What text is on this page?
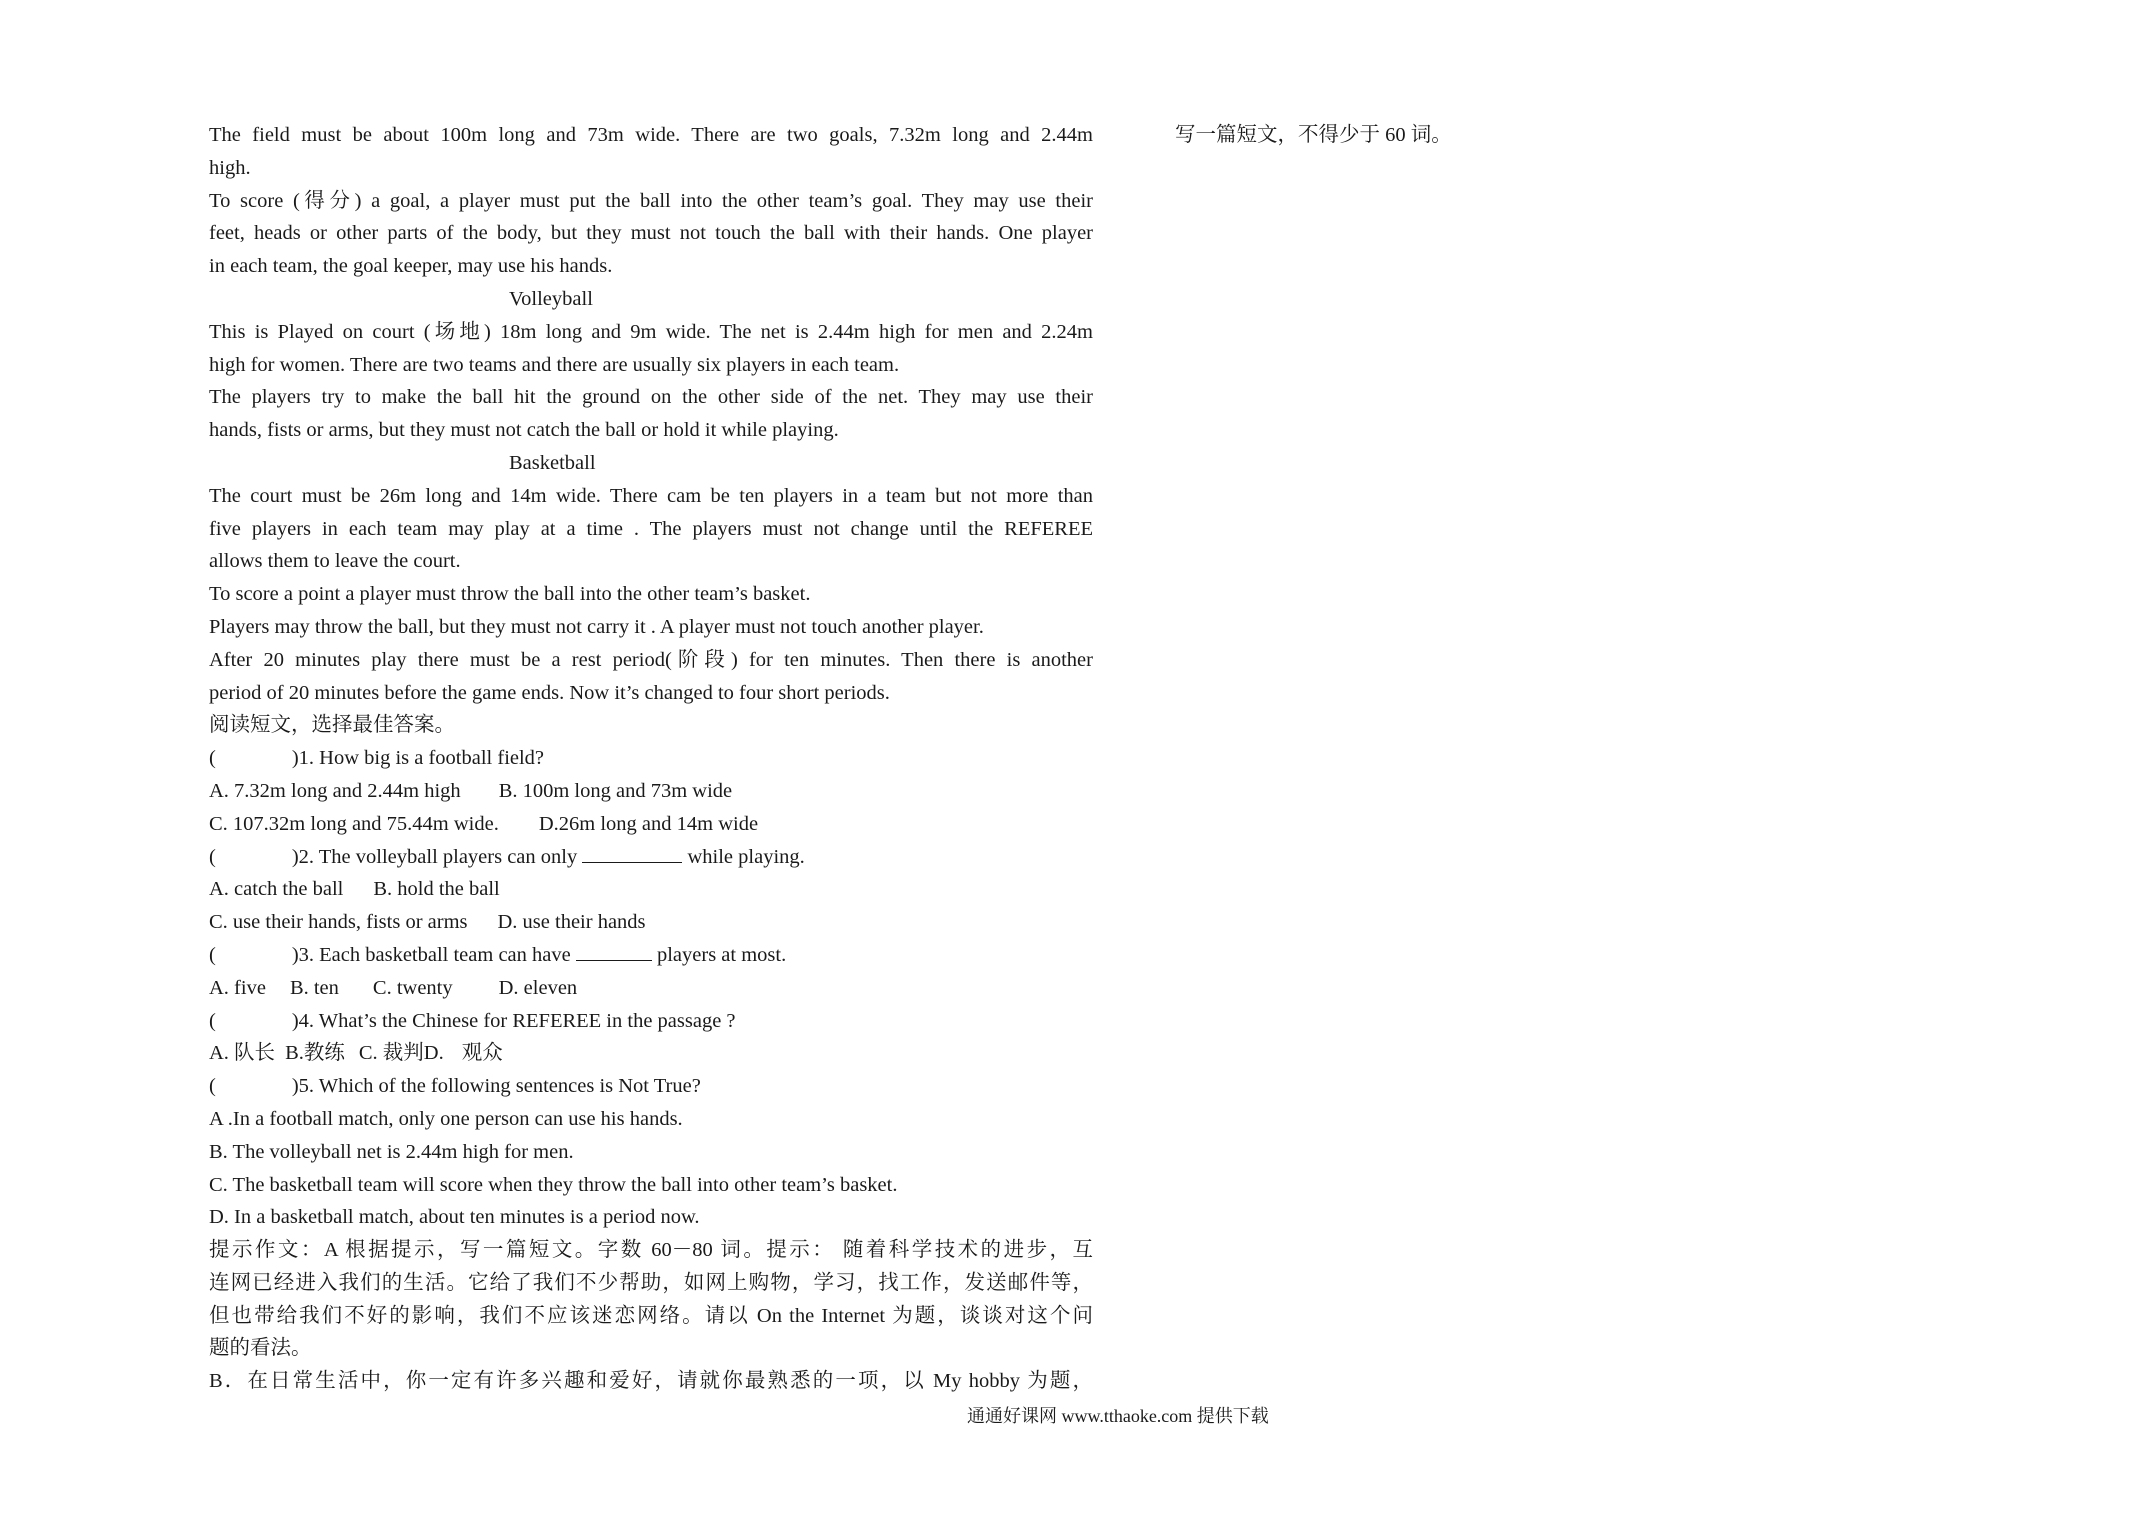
The field must be about 100m long and 73m wide. There are two goals, 7.32m long and 2.44m
high.
To score (得分) a goal, a player must put the ball into the other team’s goal. They may use their
feet, heads or other parts of the body, but they must not touch the ball with their hands. One player
in each team, the goal keeper, may use his hands.
Volleyball
This is Played on court (场地) 18m long and 9m wide. The net is 2.44m high for men and 2.24m
high for women. There are two teams and there are usually six players in each team.
The players try to make the ball hit the ground on the other side of the net. They may use their
hands, fists or arms, but they must not catch the ball or hold it while playing.
Basketball
The court must be 26m long and 14m wide. There cam be ten players in a team but not more than
five players in each team may play at a time . The players must not change until the REFEREE
allows them to leave the court.
To score a point a player must throw the ball into the other team’s basket.
Players may throw the ball, but they must not carry it . A player must not touch another player.
After 20 minutes play there must be a rest period(阶段) for ten minutes. Then there is another
period of 20 minutes before the game ends. Now it’s changed to four short periods.
阅读短文，选择最佳答案。
(	)1. How big is a football field?
A. 7.32m long and 2.44m high B. 100m long and 73m wide
C. 107.32m long and 75.44m wide. D.26m long and 14m wide
(	)2. The volleyball players can only	while playing.
A. catch the ball B. hold the ball
C. use their hands, fists or arms D. use their hands
(	)3. Each basketball team can have	players at most.
A. five B. ten C. twenty D. eleven
(	)4. What’s the Chinese for REFEREE in the passage ?
A. 队长 B.教练 C. 裁判D. 观众
(	)5. Which of the following sentences is Not True?
A .In a football match, only one person can use his hands.
B. The volleyball net is 2.44m high for men.
C. The basketball team will score when they throw the ball into other team’s basket.
D. In a basketball match, about ten minutes is a period now.
提示作文：A 根据提示，写一篇短文。字数 60－80 词。提示： 随着科学技术的进步，互
连网已经进入我们的生活。它给了我们不少帮助，如网上购物，学习，找工作，发送邮件等，
但也带给我们不好的影响，我们不应该迷恋网络。请以 On the Internet 为题，谈谈对这个问
题的看法。
B．在日常生活中，你一定有许多兴趣和爱好，请就你最熟悉的一项，以 My hobby 为题，
写一篇短文，不得少于 60 词。
通通好课网 www.tthaoke.com 提供下载
